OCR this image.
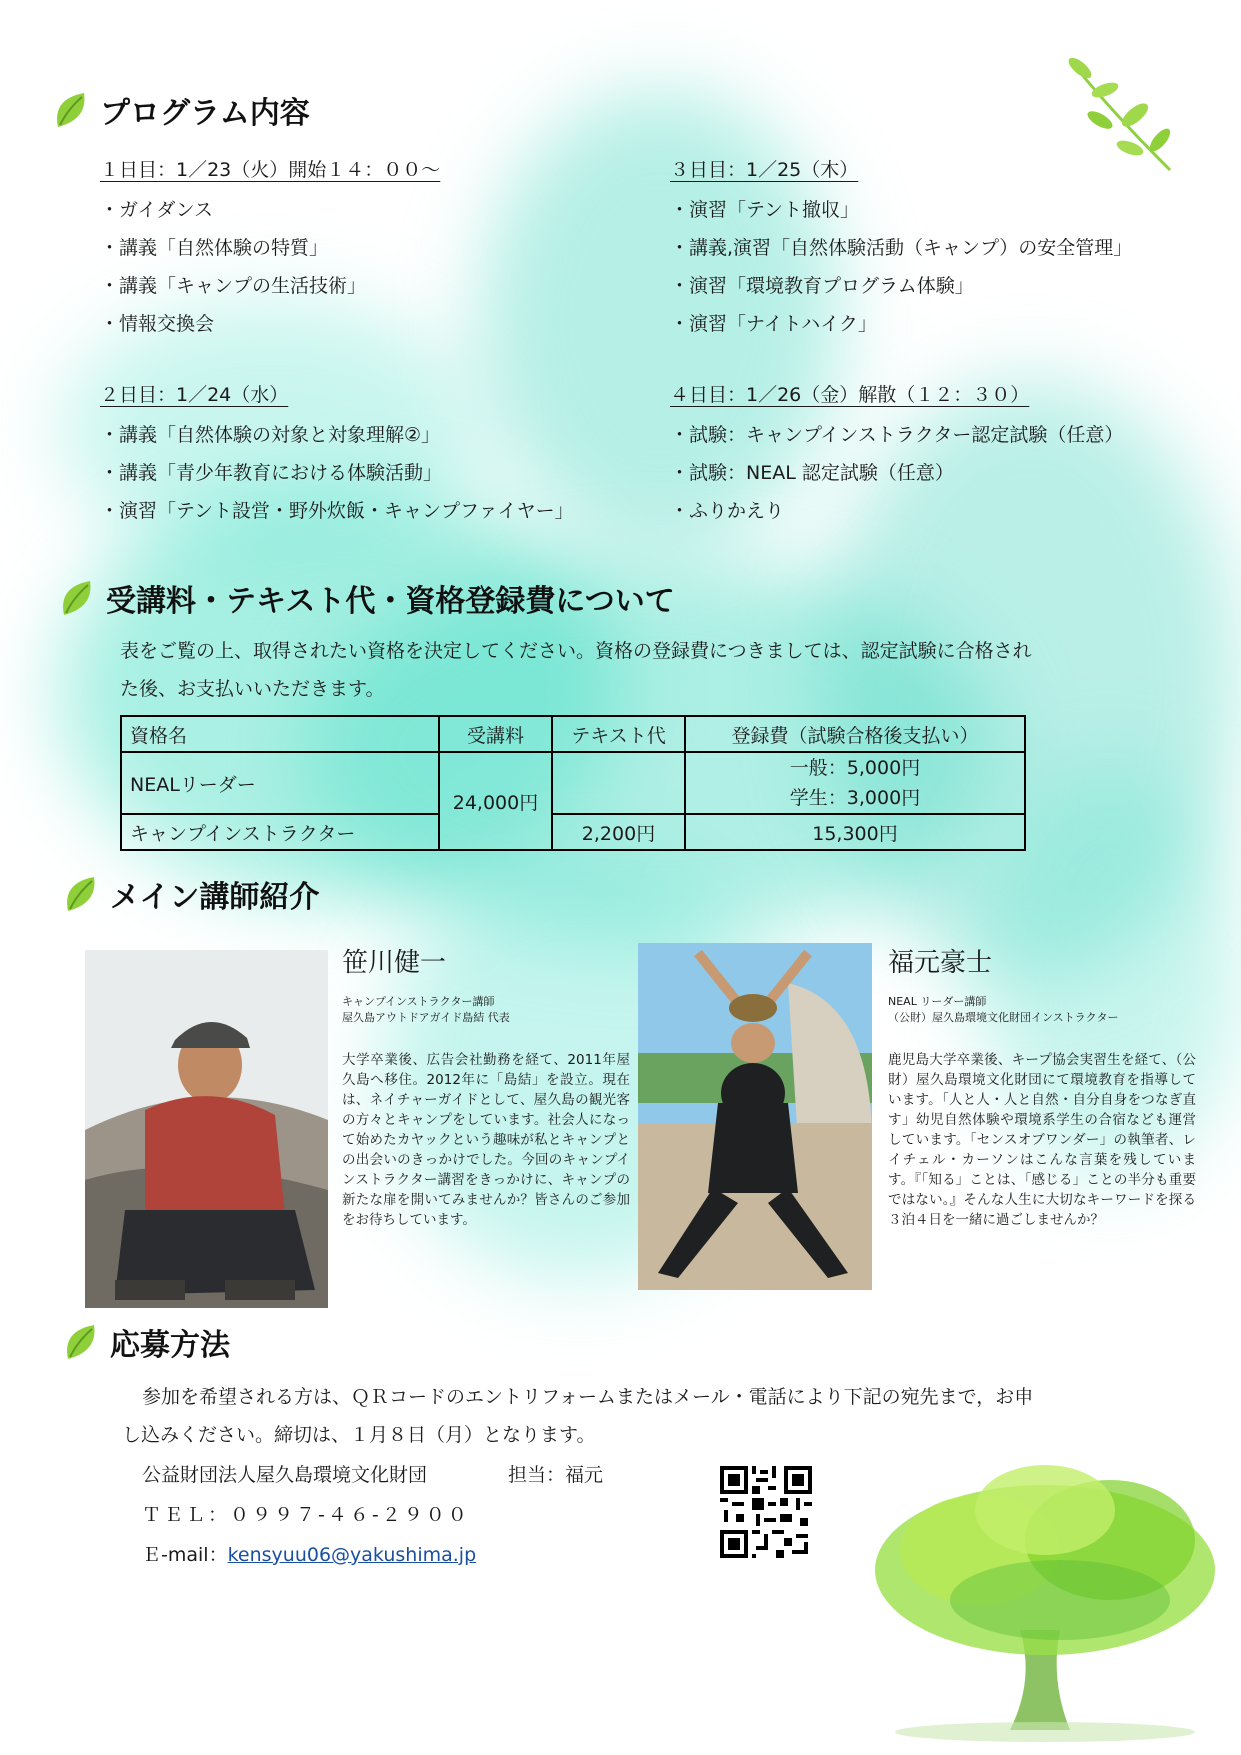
プログラム内容
１日目：1／23（火）開始１４：００～
・ガイダンス
・講義「自然体験の特質」
・講義「キャンプの生活技術」
・情報交換会
２日目：1／24（水）
・講義「自然体験の対象と対象理解②」
・講義「青少年教育における体験活動」
・演習「テント設営・野外炊飯・キャンプファイヤー」
３日目：1／25（木）
・演習「テント撤収」
・講義,演習「自然体験活動（キャンプ）の安全管理」
・演習「環境教育プログラム体験」
・演習「ナイトハイク」
４日目：1／26（金）解散（１２：３０）
・試験：キャンプインストラクター認定試験（任意）
・試験：NEAL 認定試験（任意）
・ふりかえり
受講料・テキスト代・資格登録費について
表をご覧の上、取得されたい資格を決定してください。資格の登録費につきましては、認定試験に合格され
た後、お支払いいただきます。
資格名	受講料	テキスト代	登録費（試験合格後支払い）
NEALリーダー	24,000円		一般：5,000円
学生：3,000円

キャンプインストラクター		2,200円	15,300円
メイン講師紹介
笹川健一
キャンプインストラクター講師
屋久島アウトドアガイド島結 代表
大学卒業後、広告会社勤務を経て、2011年屋久島へ移住。2012年に「島結」を設立。現在は、ネイチャーガイドとして、屋久島の観光客の方々とキャンプをしています。社会人になって始めたカヤックという趣味が私とキャンプとの出会いのきっかけでした。今回のキャンプインストラクター講習をきっかけに、キャンプの新たな扉を開いてみませんか？皆さんのご参加をお待ちしています。
福元豪士
NEAL リーダー講師
（公財）屋久島環境文化財団インストラクター
鹿児島大学卒業後、キープ協会実習生を経て、（公財）屋久島環境文化財団にて環境教育を指導しています。「人と人・人と自然・自分自身をつなぎ直す」幼児自然体験や環境系学生の合宿なども運営しています。「センスオブワンダー」の執筆者、レイチェル・カーソンはこんな言葉を残しています。『「知る」ことは、「感じる」ことの半分も重要ではない。』そんな人生に大切なキーワードを探る３泊４日を一緒に過ごしませんか？
応募方法
参加を希望される方は、ＱＲコードのエントリフォームまたはメール・電話により下記の宛先まで，お申
し込みください。締切は、１月８日（月）となります。
公益財団法人屋久島環境文化財団	担当：福元
ＴＥＬ：０９９７-４６-２９００
Ｅ-mail：kensyuu06@yakushima.jp
